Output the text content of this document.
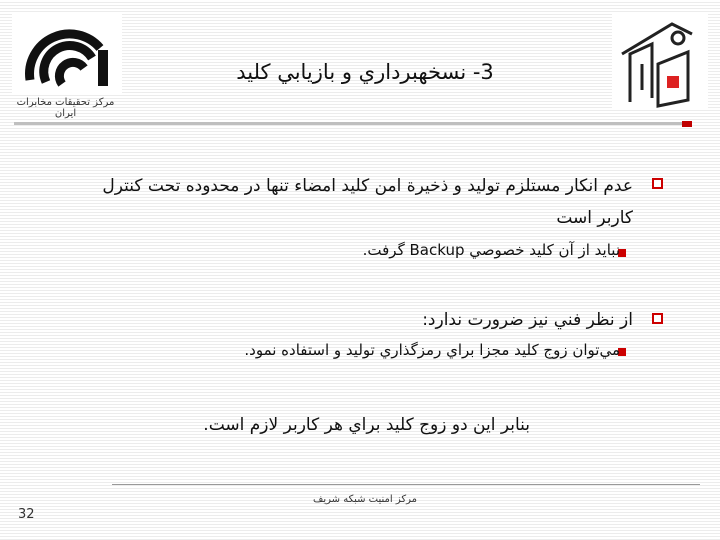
مرکز تحقیقات مخابرات ایران
3- نسخهبرداري و بازيابي كليد
عدم انكار مستلزم توليد و ذخيرة امن كليد امضاء تنها در محدوده تحت كنترل
كاربر است
نبايد از آن كليد خصوصي Backup گرفت.
از نظر فني نيز ضرورت ندارد:
مي‌توان زوج كليد مجزا براي رمزگذاري توليد و استفاده نمود.
بنابر اين دو زوج كليد براي هر كاربر لازم است.
مرکز امنیت شبکه شریف
32
